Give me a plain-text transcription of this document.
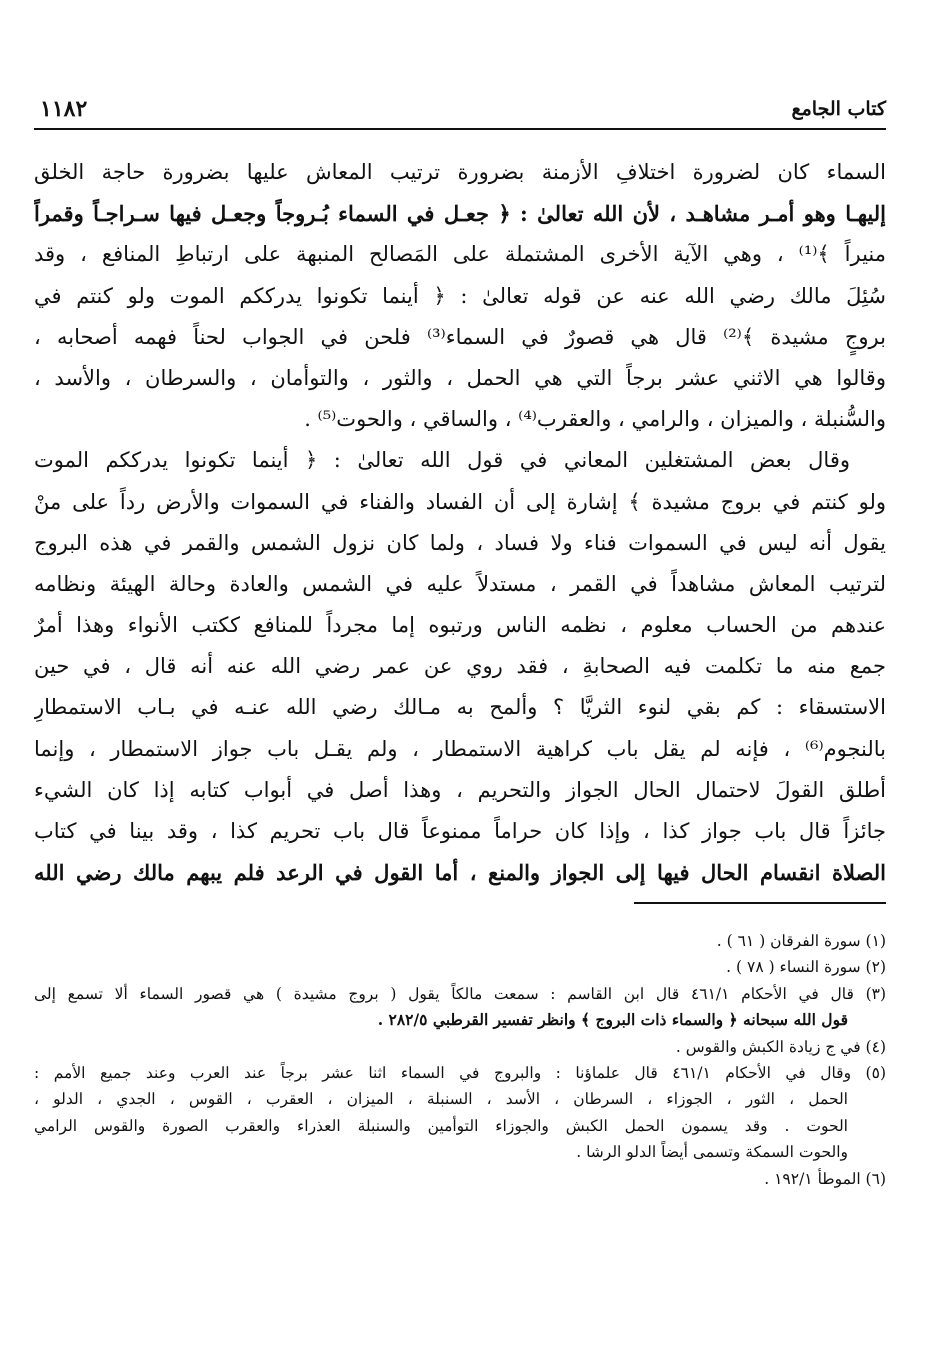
كتاب الجامع
١١٨٢
السماء كان لضرورة اختلافِ الأزمنة بضرورة ترتيب المعاش عليها بضرورة حاجة الخلق
إليهـا وهو أمـر مشاهـد ، لأن الله تعالىٰ : ﴿ جعـل في السماء بُـروجاً وجعـل فيها سـراجـاً وقمراً
منيراً ﴾⁽¹⁾ ، وهي الآية الأخرى المشتملة على المَصالح المنبهة على ارتباطِ المنافع ، وقد
سُئِلَ مالك رضي الله عنه عن قوله تعالىٰ : ﴿ أينما تكونوا يدرككم الموت ولو كنتم في
بروجٍ مشيدة ﴾⁽²⁾ قال هي قصورٌ في السماء⁽³⁾ فلحن في الجواب لحناً فهمه أصحابه ،
وقالوا هي الاثني عشر برجاً التي هي الحمل ، والثور ، والتوأمان ، والسرطان ، والأسد ،
والسُّنبلة ، والميزان ، والرامي ، والعقرب⁽⁴⁾ ، والساقي ، والحوت⁽⁵⁾ .
وقال بعض المشتغلين المعاني في قول الله تعالىٰ : ﴿ أينما تكونوا يدرككم الموت
ولو كنتم في بروج مشيدة ﴾ إشارة إلى أن الفساد والفناء في السموات والأرض رداً على منْ
يقول أنه ليس في السموات فناء ولا فساد ، ولما كان نزول الشمس والقمر في هذه البروج
لترتيب المعاش مشاهداً في القمر ، مستدلاً عليه في الشمس والعادة وحالة الهيئة ونظامه
عندهم من الحساب معلوم ، نظمه الناس ورتبوه إما مجرداً للمنافع ككتب الأنواء وهذا أمرٌ
جمع منه ما تكلمت فيه الصحابةِ ، فقد روي عن عمر رضي الله عنه أنه قال ، في حين
الاستسقاء : كم بقي لنوء الثريَّا ؟ وألمح به مـالك رضي الله عنـه في بـاب الاستمطارِ
بالنجوم⁽⁶⁾ ، فإنه لم يقل باب كراهية الاستمطار ، ولم يقـل باب جواز الاستمطار ، وإنما
أطلق القولَ لاحتمال الحال الجواز والتحريم ، وهذا أصل في أبواب كتابه إذا كان الشيء
جائزاً قال باب جواز كذا ، وإذا كان حراماً ممنوعاً قال باب تحريم كذا ، وقد بينا في كتاب
الصلاة انقسام الحال فيها إلى الجواز والمنع ، أما القول في الرعد فلم يبهم مالك رضي الله
(١) سورة الفرقان ( ٦١ ) .
(٢) سورة النساء ( ٧٨ ) .
(٣) قال في الأحكام ٤٦١/١ قال ابن القاسم : سمعت مالكاً يقول ( بروج مشيدة ) هي قصور السماء ألا تسمع إلى
قول الله سبحانه ﴿ والسماء ذات البروج ﴾ وانظر تفسير القرطبي ٢٨٢/٥ .
(٤) في ج زيادة الكبش والقوس .
(٥) وقال في الأحكام ٤٦١/١ قال علماؤنا : والبروج في السماء اثنا عشر برجاً عند العرب وعند جميع الأمم :
الحمل ، الثور ، الجوزاء ، السرطان ، الأسد ، السنبلة ، الميزان ، العقرب ، القوس ، الجدي ، الدلو ،
الحوت . وقد يسمون الحمل الكبش والجوزاء التوأمين والسنبلة العذراء والعقرب الصورة والقوس الرامي
والحوت السمكة وتسمى أيضاً الدلو الرشا .
(٦) الموطأ ١٩٢/١ .
